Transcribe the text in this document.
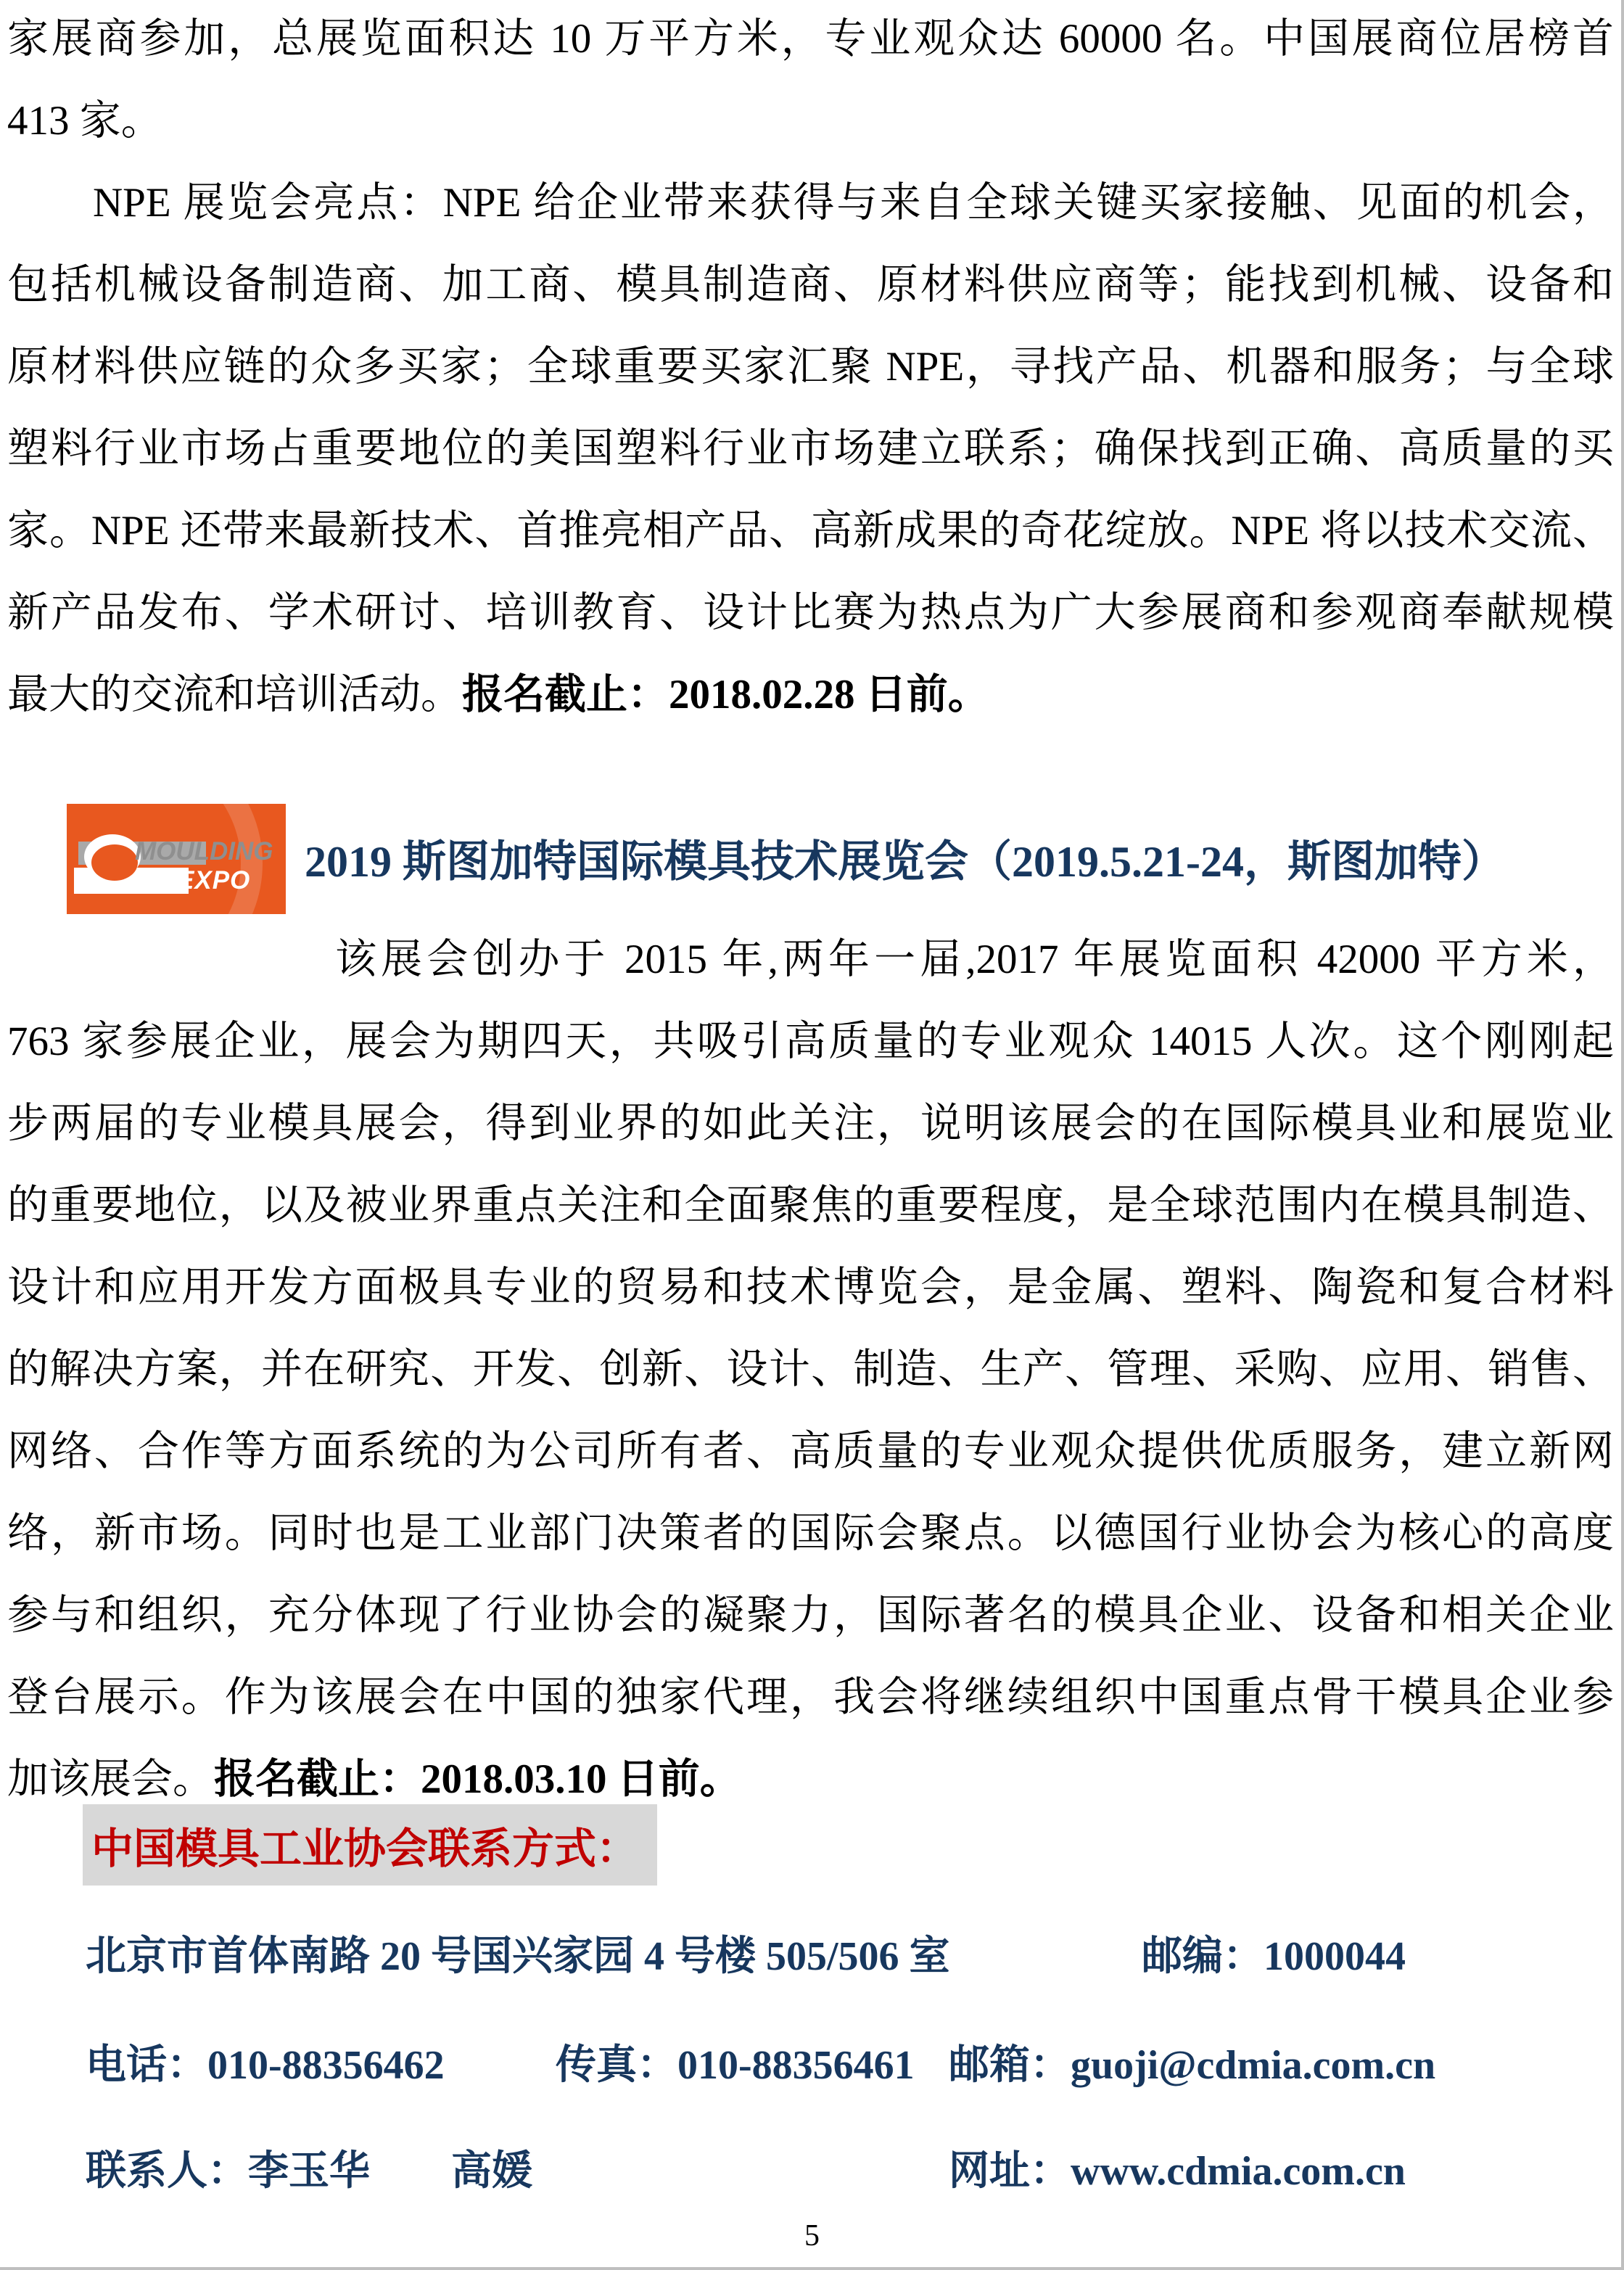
家展商参加，总展览面积达 10 万平方米，专业观众达 60000 名。中国展商位居榜首
413 家。
NPE 展览会亮点：NPE 给企业带来获得与来自全球关键买家接触、见面的机会，
包括机械设备制造商、加工商、模具制造商、原材料供应商等；能找到机械、设备和
原材料供应链的众多买家；全球重要买家汇聚 NPE，寻找产品、机器和服务；与全球
塑料行业市场占重要地位的美国塑料行业市场建立联系；确保找到正确、高质量的买
家。NPE 还带来最新技术、首推亮相产品、高新成果的奇花绽放。NPE 将以技术交流、
新产品发布、学术研讨、培训教育、设计比赛为热点为广大参展商和参观商奉献规模
最大的交流和培训活动。报名截止：2018.02.28 日前。
MOULDING
EXPO 2019 斯图加特国际模具技术展览会（2019.5.21-24，斯图加特）
该展会创办于 2015 年,两年一届,2017 年展览面积 42000 平方米，
763 家参展企业，展会为期四天，共吸引高质量的专业观众 14015 人次。这个刚刚起
步两届的专业模具展会，得到业界的如此关注，说明该展会的在国际模具业和展览业
的重要地位，以及被业界重点关注和全面聚焦的重要程度，是全球范围内在模具制造、
设计和应用开发方面极具专业的贸易和技术博览会，是金属、塑料、陶瓷和复合材料
的解决方案，并在研究、开发、创新、设计、制造、生产、管理、采购、应用、销售、
网络、合作等方面系统的为公司所有者、高质量的专业观众提供优质服务，建立新网
络，新市场。同时也是工业部门决策者的国际会聚点。以德国行业协会为核心的高度
参与和组织，充分体现了行业协会的凝聚力，国际著名的模具企业、设备和相关企业
登台展示。作为该展会在中国的独家代理，我会将继续组织中国重点骨干模具企业参
加该展会。报名截止：2018.03.10 日前。
中国模具工业协会联系方式：
北京市首体南路 20 号国兴家园 4 号楼 505/506 室	邮编：1000044
电话：010-88356462	传真：010-88356461 邮箱：guoji@cdmia.com.cn
联系人：李玉华　　高媛	网址：www.cdmia.com.cn
5
